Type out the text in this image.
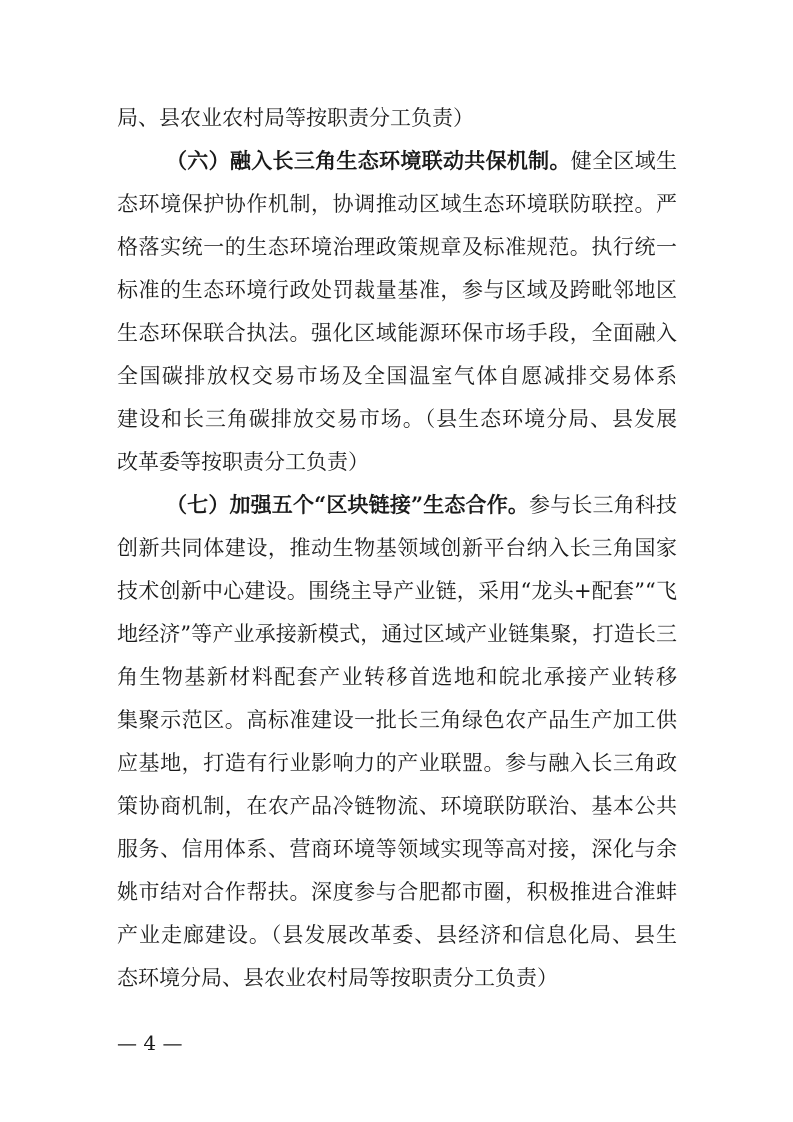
局、县农业农村局等按职责分工负责）
（六）融入长三角生态环境联动共保机制。健全区域生
态环境保护协作机制，协调推动区域生态环境联防联控。严
格落实统一的生态环境治理政策规章及标准规范。执行统一
标准的生态环境行政处罚裁量基准，参与区域及跨毗邻地区
生态环保联合执法。强化区域能源环保市场手段，全面融入
全国碳排放权交易市场及全国温室气体自愿减排交易体系
建设和长三角碳排放交易市场。（县生态环境分局、县发展
改革委等按职责分工负责）
（七）加强五个“区块链接”生态合作。参与长三角科技
创新共同体建设，推动生物基领域创新平台纳入长三角国家
技术创新中心建设。围绕主导产业链，采用“龙头+配套”“飞
地经济”等产业承接新模式，通过区域产业链集聚，打造长三
角生物基新材料配套产业转移首选地和皖北承接产业转移
集聚示范区。高标准建设一批长三角绿色农产品生产加工供
应基地，打造有行业影响力的产业联盟。参与融入长三角政
策协商机制，在农产品冷链物流、环境联防联治、基本公共
服务、信用体系、营商环境等领域实现等高对接，深化与余
姚市结对合作帮扶。深度参与合肥都市圈，积极推进合淮蚌
产业走廊建设。（县发展改革委、县经济和信息化局、县生
态环境分局、县农业农村局等按职责分工负责）
— 4 —
